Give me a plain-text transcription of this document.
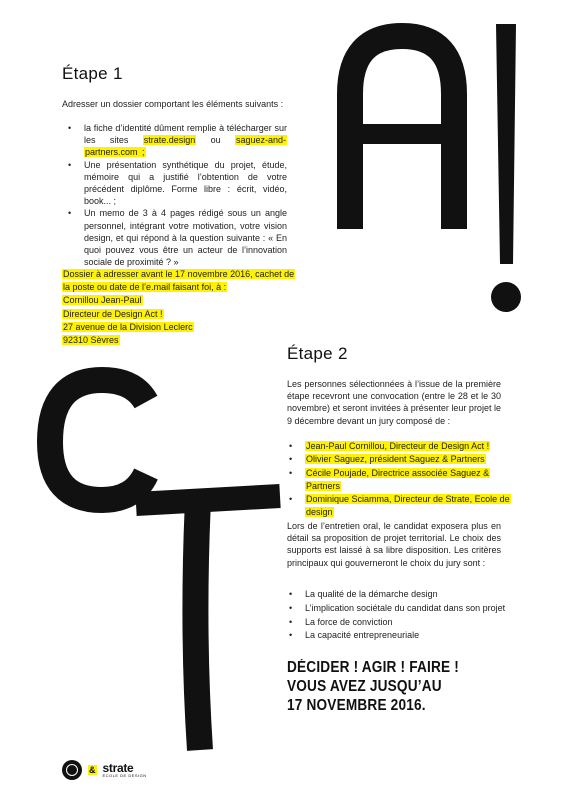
Étape 1
Adresser un dossier comportant les éléments suivants :
• la fiche d’identité dûment remplie à télécharger sur les sites strate.design ou saguez-and-partners.com ;
• Une présentation synthétique du projet, étude, mémoire qui a justifié l’obtention de votre précédent diplôme. Forme libre : écrit, vidéo, book... ;
• Un memo de 3 à 4 pages rédigé sous un angle personnel, intégrant votre motivation, votre vision design, et qui répond à la question suivante : « En quoi pouvez vous être un acteur de l’innovation sociale de proximité ? »
Dossier à adresser avant le 17 novembre 2016, cachet de
la poste ou date de l’e.mail faisant foi, à :
Cornillou Jean-Paul
Directeur de Design Act !
27 avenue de la Division Leclerc
92310 Sèvres
Étape 2
Les personnes sélectionnées à l’issue de la première étape recevront une convocation (entre le 28 et le 30 novembre) et seront invitées à présenter leur projet le 9 décembre devant un jury composé de :
• Jean-Paul Cornillou, Directeur de Design Act !
• Olivier Saguez, président Saguez & Partners
• Cécile Poujade, Directrice associée Saguez & Partners
• Dominique Sciamma, Directeur de Strate, Ecole de design
Lors de l’entretien oral, le candidat exposera plus en détail sa proposition de projet territorial. Le choix des supports est laissé à sa libre disposition. Les critères principaux qui gouverneront le choix du jury sont :
• La qualité de la démarche design
• L’implication sociétale du candidat dans son projet
• La force de conviction
• La capacité entrepreneuriale
DÉCIDER ! AGIR ! FAIRE !
VOUS AVEZ JUSQU’AU
17 NOVEMBRE 2016.
& strate
ÉCOLE DE DESIGN
